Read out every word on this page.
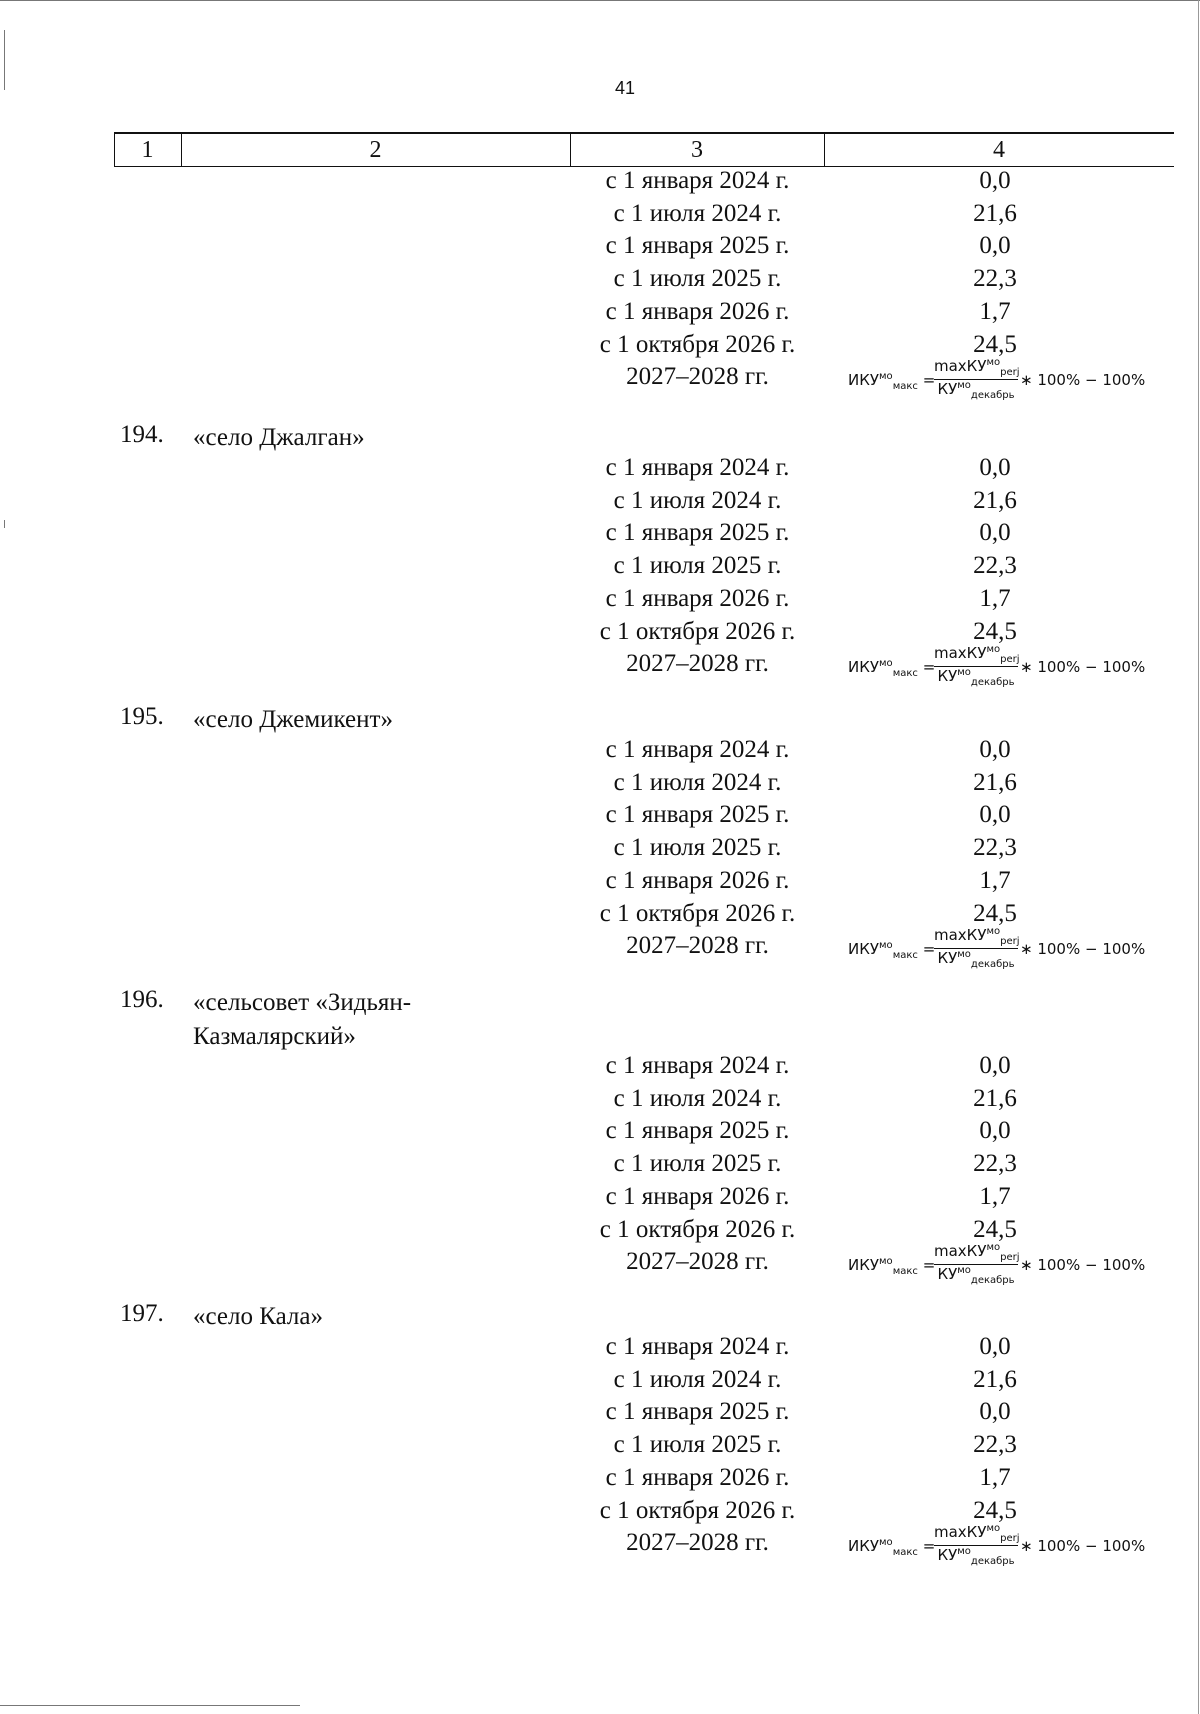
41
1	2	3	4
с 1 января 2024 г.	0,0
с 1 июля 2024 г.	21,6
с 1 января 2025 г.	0,0
с 1 июля 2025 г.	22,3
с 1 января 2026 г.	1,7
с 1 октября 2026 г.	24,5
2027–2028 гг.	$ИКУ^{мо}_{макс}$ =
maxКУ$^{мо}_{perj}$
$КУ^{мо}_{декабрь}$
∗ 100% − 100%
194. «село Джалган»
с 1 января 2024 г.	0,0
с 1 июля 2024 г.	21,6
с 1 января 2025 г.	0,0
с 1 июля 2025 г.	22,3
с 1 января 2026 г.	1,7
с 1 октября 2026 г.	24,5
2027–2028 гг.	$ИКУ^{мо}_{макс}$ =
maxКУ$^{мо}_{perj}$
$КУ^{мо}_{декабрь}$
∗ 100% − 100%
195. «село Джемикент»
с 1 января 2024 г.	0,0
с 1 июля 2024 г.	21,6
с 1 января 2025 г.	0,0
с 1 июля 2025 г.	22,3
с 1 января 2026 г.	1,7
с 1 октября 2026 г.	24,5
2027–2028 гг.	$ИКУ^{мо}_{макс}$ =
maxКУ$^{мо}_{perj}$
$КУ^{мо}_{декабрь}$
∗ 100% − 100%
196. «сельсовет «Зидьян-
Казмалярский»
с 1 января 2024 г.	0,0
с 1 июля 2024 г.	21,6
с 1 января 2025 г.	0,0
с 1 июля 2025 г.	22,3
с 1 января 2026 г.	1,7
с 1 октября 2026 г.	24,5
2027–2028 гг.	$ИКУ^{мо}_{макс}$ =
maxКУ$^{мо}_{perj}$
$КУ^{мо}_{декабрь}$
∗ 100% − 100%
197. «село Кала»
с 1 января 2024 г.	0,0
с 1 июля 2024 г.	21,6
с 1 января 2025 г.	0,0
с 1 июля 2025 г.	22,3
с 1 января 2026 г.	1,7
с 1 октября 2026 г.	24,5
2027–2028 гг.	$ИКУ^{мо}_{макс}$ =
maxКУ$^{мо}_{perj}$
$КУ^{мо}_{декабрь}$
∗ 100% − 100%
